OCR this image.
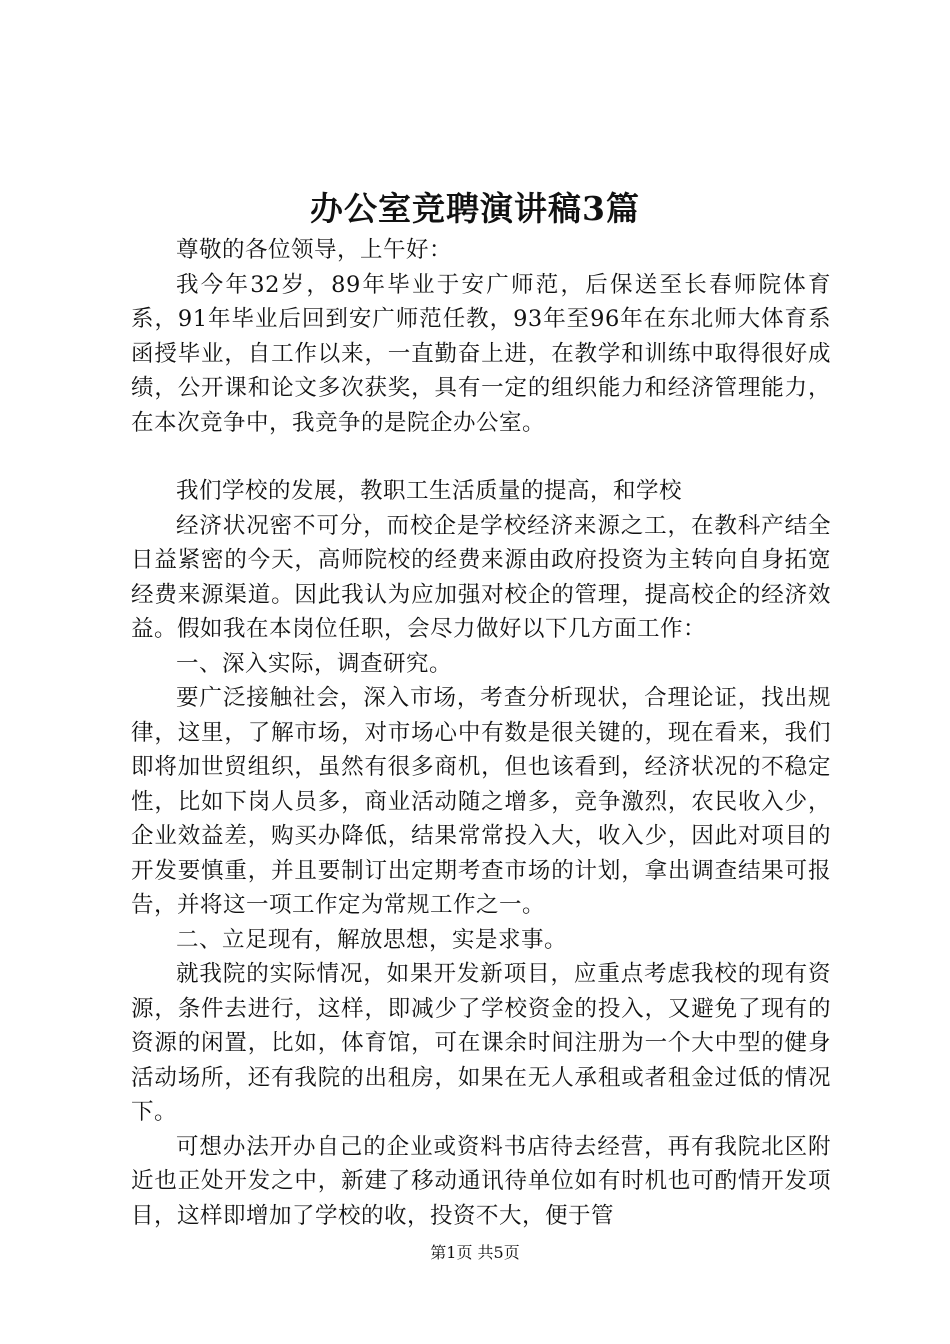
办公室竞聘演讲稿3篇

尊敬的各位领导，上午好：

我今年32岁，89年毕业于安广师范，后保送至长春师院体育系，91年毕业后回到安广师范任教，93年至96年在东北师大体育系函授毕业，自工作以来，一直勤奋上进，在教学和训练中取得很好成绩，公开课和论文多次获奖，具有一定的组织能力和经济管理能力，在本次竞争中，我竞争的是院企办公室。

我们学校的发展，教职工生活质量的提高，和学校

经济状况密不可分，而校企是学校经济来源之工，在教科产结全日益紧密的今天，高师院校的经费来源由政府投资为主转向自身拓宽经费来源渠道。因此我认为应加强对校企的管理，提高校企的经济效益。假如我在本岗位任职，会尽力做好以下几方面工作：

一、深入实际，调查研究。

要广泛接触社会，深入市场，考查分析现状，合理论证，找出规律，这里，了解市场，对市场心中有数是很关键的，现在看来，我们即将加世贸组织，虽然有很多商机，但也该看到，经济状况的不稳定性，比如下岗人员多，商业活动随之增多，竞争激烈，农民收入少，企业效益差，购买办降低，结果常常投入大，收入少，因此对项目的开发要慎重，并且要制订出定期考查市场的计划，拿出调查结果可报告，并将这一项工作定为常规工作之一。

二、立足现有，解放思想，实是求事。

就我院的实际情况，如果开发新项目，应重点考虑我校的现有资源，条件去进行，这样，即减少了学校资金的投入，又避免了现有的资源的闲置，比如，体育馆，可在课余时间注册为一个大中型的健身活动场所，还有我院的出租房，如果在无人承租或者租金过低的情况下。

可想办法开办自己的企业或资料书店待去经营，再有我院北区附近也正处开发之中，新建了移动通讯待单位如有时机也可酌情开发项目，这样即增加了学校的收，投资不大，便于管

第1页 共5页
